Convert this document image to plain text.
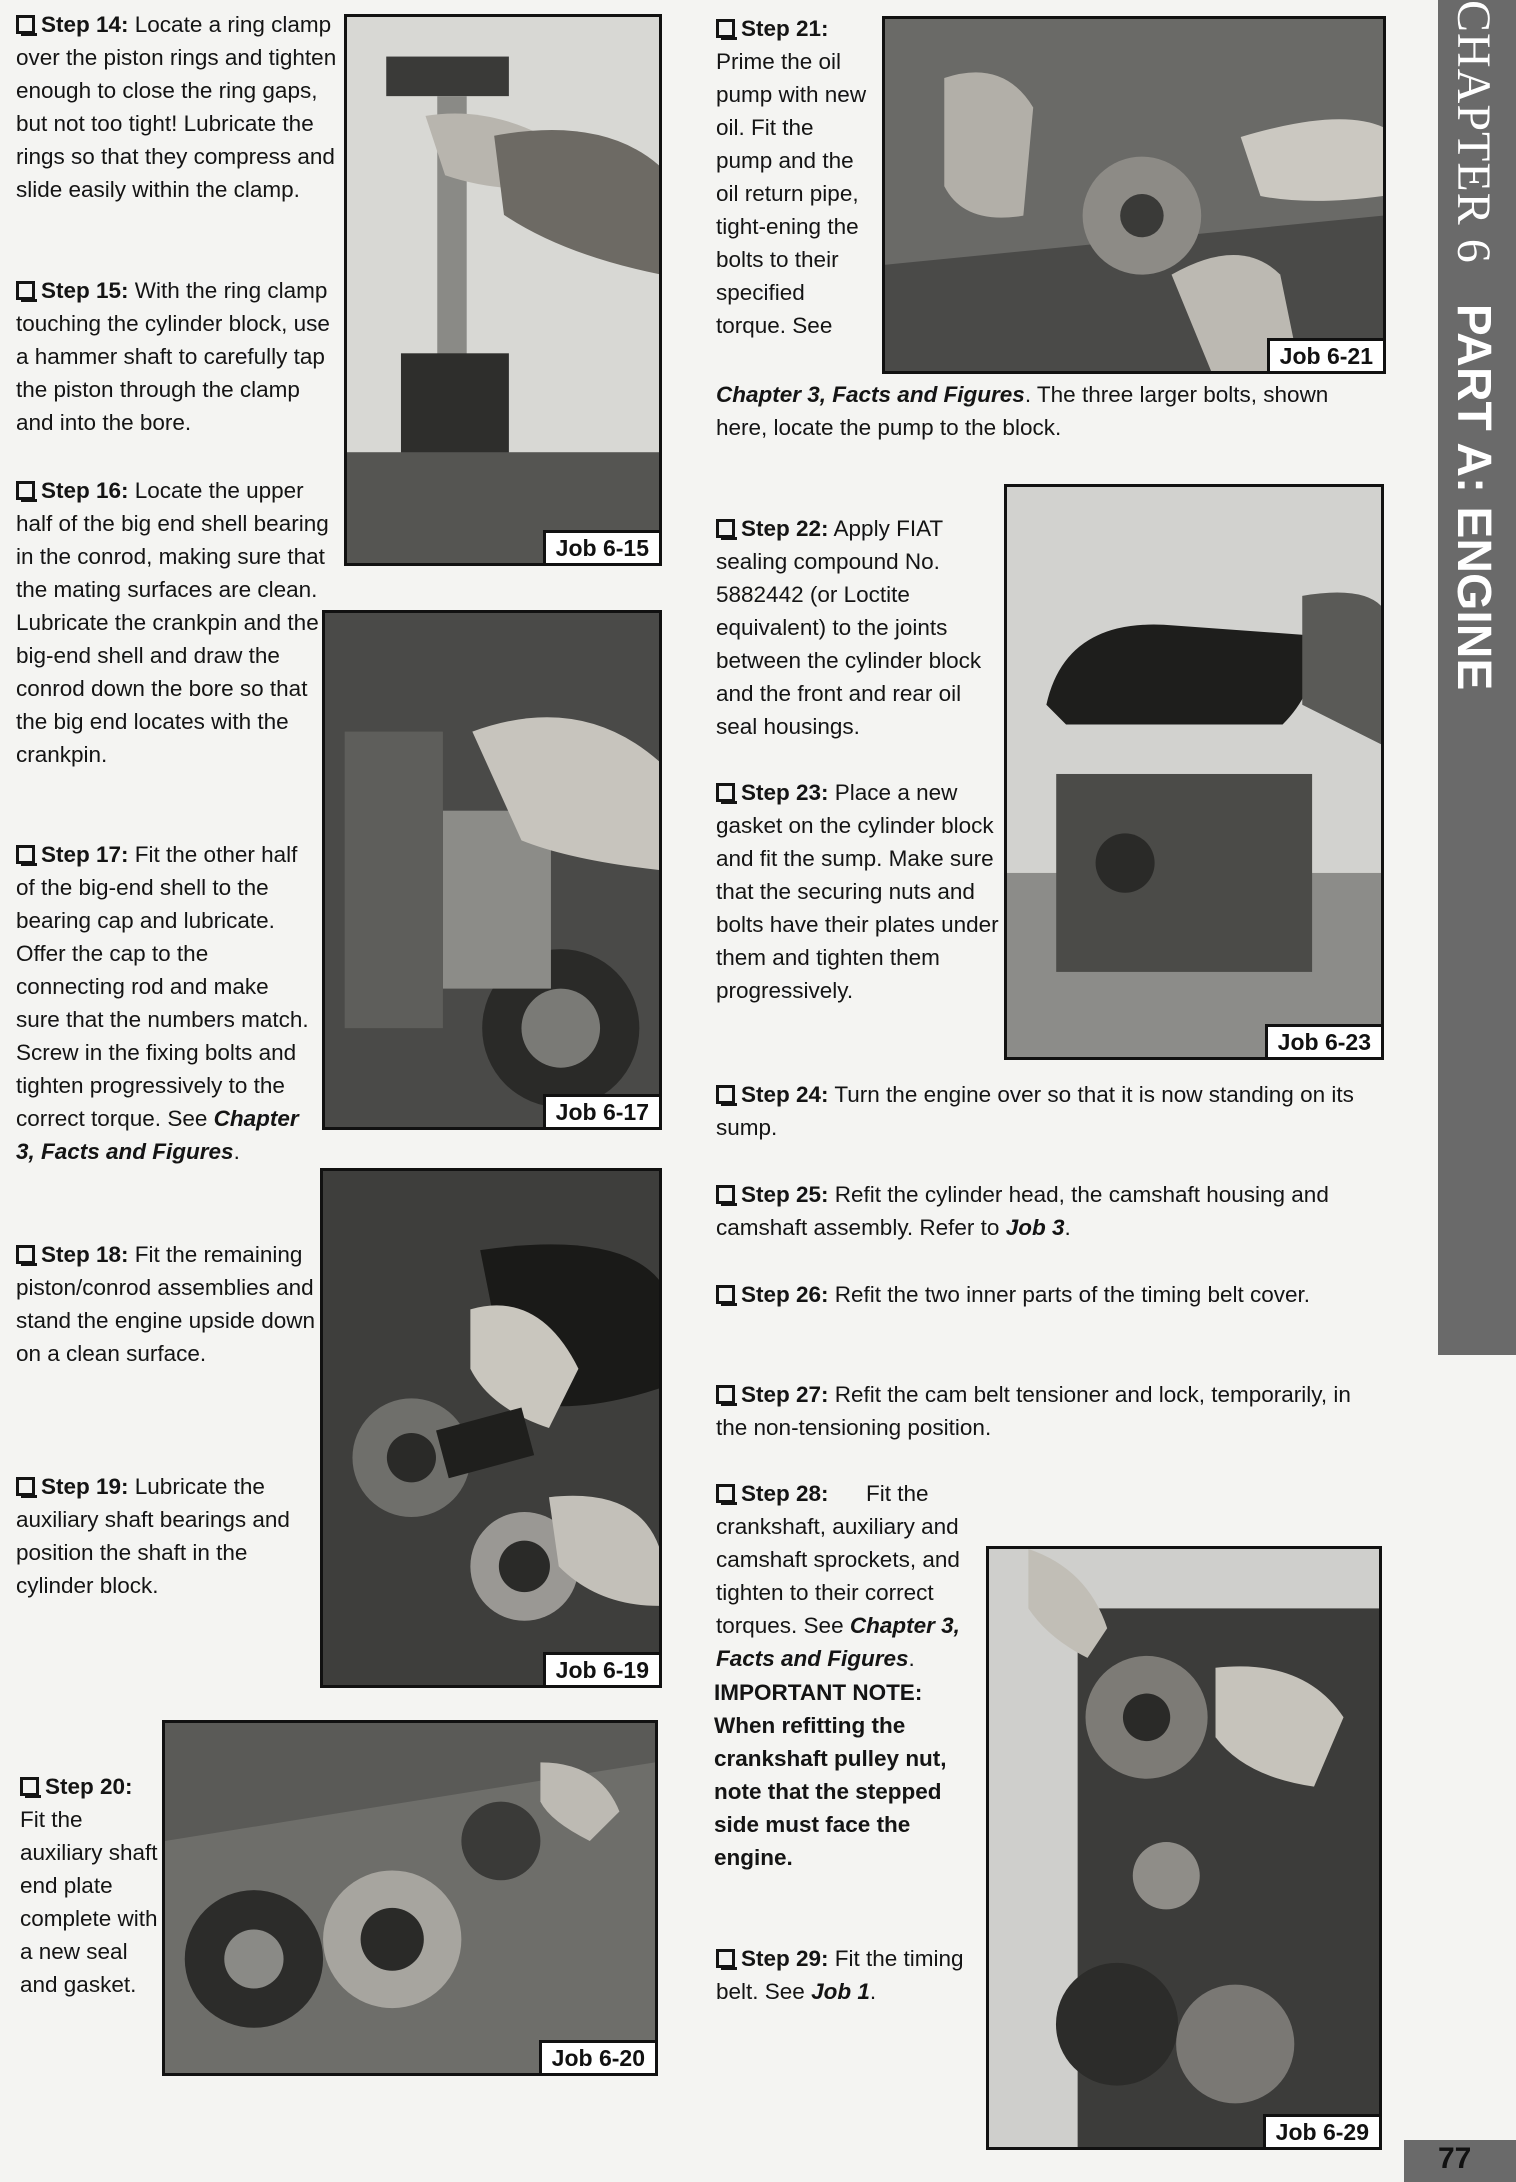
Step 14: Locate a ring clamp over the piston rings and tighten enough to close the ring gaps, but not too tight! Lubricate the rings so that they compress and slide easily within the clamp.

Step 15: With the ring clamp touching the cylinder block, use a hammer shaft to carefully tap the piston through the clamp and into the bore.

Step 16: Locate the upper half of the big end shell bearing in the conrod, making sure that the mating surfaces are clean. Lubricate the crankpin and the big-end shell and draw the conrod down the bore so that the big end locates with the crankpin.

Step 17: Fit the other half of the big-end shell to the bearing cap and lubricate. Offer the cap to the connecting rod and make sure that the numbers match. Screw in the fixing bolts and tighten progressively to the correct torque. See Chapter 3, Facts and Figures.

Step 18: Fit the remaining piston/conrod assemblies and stand the engine upside down on a clean surface.

Step 19: Lubricate the auxiliary shaft bearings and position the shaft in the cylinder block.

Step 20: Fit the auxiliary shaft end plate complete with a new seal and gasket.

Job 6-15
Job 6-17
Job 6-19
Job 6-20

Step 21:

Prime the oil pump with new oil. Fit the pump and the oil return pipe, tight-ening the bolts to their specified torque. See

Chapter 3, Facts and Figures. The three larger bolts, shown here, locate the pump to the block.

Step 22: Apply FIAT sealing compound No. 5882442 (or Loctite equivalent) to the joints between the cylinder block and the front and rear oil seal housings.

Step 23: Place a new gasket on the cylinder block and fit the sump. Make sure that the securing nuts and bolts have their plates under them and tighten them progressively.

Step 24: Turn the engine over so that it is now standing on its sump.

Step 25: Refit the cylinder head, the camshaft housing and camshaft assembly. Refer to Job 3.

Step 26: Refit the two inner parts of the timing belt cover.

Step 27: Refit the cam belt tensioner and lock, temporarily, in the non-tensioning position.

Step 28:	Fit the crankshaft, auxiliary and camshaft sprockets, and tighten to their correct torques. See Chapter 3, Facts and Figures.

IMPORTANT NOTE: When refitting the crankshaft pulley nut, note that the stepped side must face the engine.

Step 29: Fit the timing belt. See Job 1.

Job 6-21
Job 6-23
Job 6-29
CHAPTER 6   PART A: ENGINE
77
